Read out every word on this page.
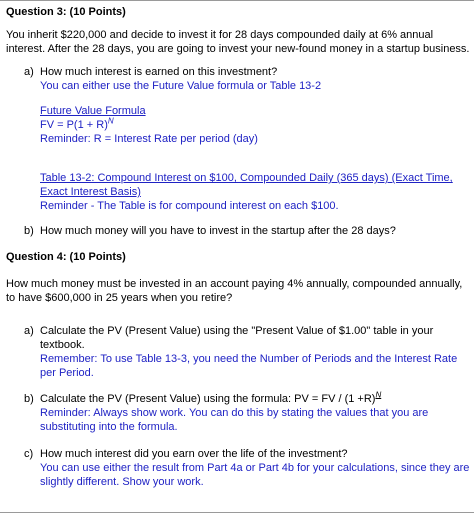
Question 3: (10 Points)
You inherit $220,000 and decide to invest it for 28 days compounded daily at 6% annual
interest. After the 28 days, you are going to invest your new-found money in a startup business.
a) How much interest is earned on this investment?
You can either use the Future Value formula or Table 13-2
Future Value Formula
FV = $P(1 + R)^N$
Reminder: R = Interest Rate per period (day)
Table 13-2: Compound Interest on $100, Compounded Daily (365 days) (Exact Time,
Exact Interest Basis)
Reminder - The Table is for compound interest on each $100.
b) How much money will you have to invest in the startup after the 28 days?
Question 4: (10 Points)
How much money must be invested in an account paying 4% annually, compounded annually,
to have $600,000 in 25 years when you retire?
a) Calculate the PV (Present Value) using the "Present Value of $1.00" table in your
textbook.
Remember: To use Table 13-3, you need the Number of Periods and the Interest Rate
per Period.
b) Calculate the PV (Present Value) using the formula: PV = FV / $(1 +R)^N$
Reminder: Always show work. You can do this by stating the values that you are
substituting into the formula.
c) How much interest did you earn over the life of the investment?
You can use either the result from Part 4a or Part 4b for your calculations, since they are
slightly different. Show your work.
